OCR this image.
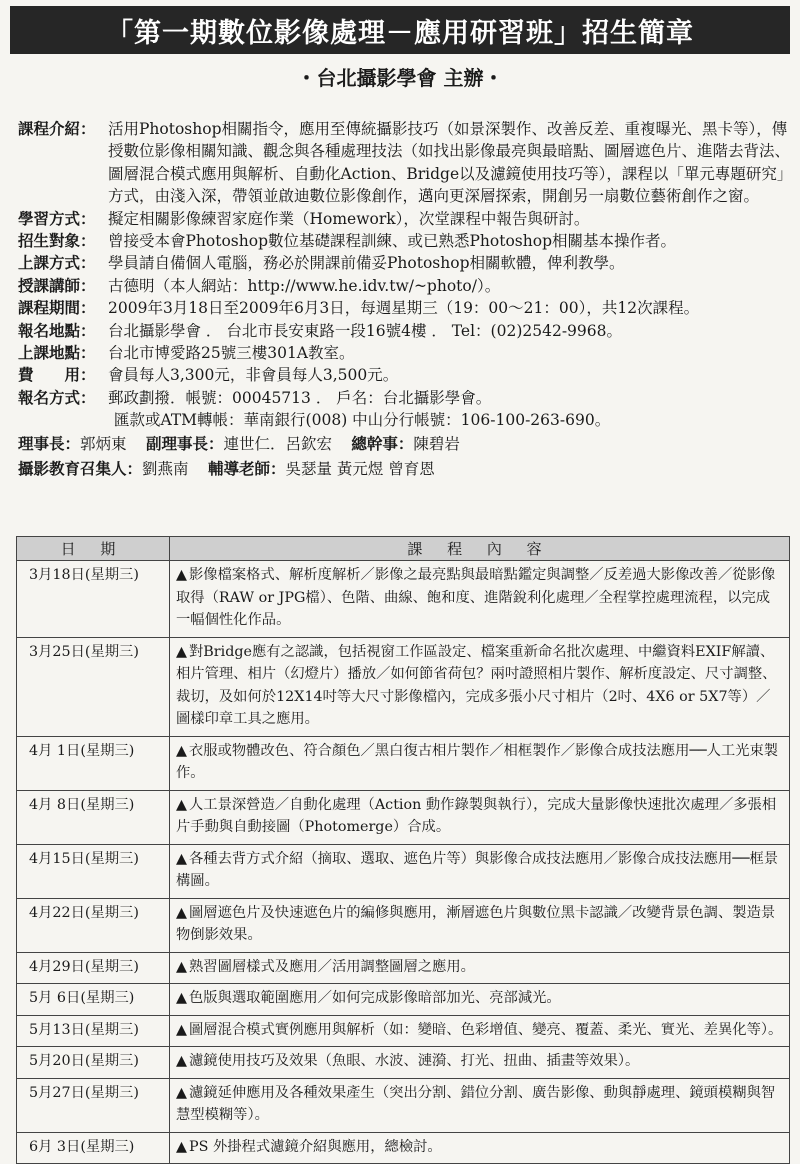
「第一期數位影像處理－應用研習班」招生簡章
・台北攝影學會 主辦・
課程介紹： 活用Photoshop相關指令，應用至傳統攝影技巧（如景深製作、改善反差、重複曝光、黑卡等），傳授數位影像相關知識、觀念與各種處理技法（如找出影像最亮與最暗點、圖層遮色片、進階去背法、圖層混合模式應用與解析、自動化Action、Bridge以及濾鏡使用技巧等），課程以「單元專題研究」方式，由淺入深，帶領並啟迪數位影像創作，邁向更深層探索，開創另一扇數位藝術創作之窗。
學習方式： 擬定相關影像練習家庭作業（Homework），次堂課程中報告與研討。
招生對象： 曾接受本會Photoshop數位基礎課程訓練、或已熟悉Photoshop相關基本操作者。
上課方式： 學員請自備個人電腦，務必於開課前備妥Photoshop相關軟體，俾利教學。
授課講師： 古德明（本人網站：http://www.he.idv.tw/~photo/）。
課程期間： 2009年3月18日至2009年6月3日，每週星期三（19：00～21：00），共12次課程。
報名地點： 台北攝影學會 ． 台北市長安東路一段16號4樓 ． Tel：(02)2542-9968。
上課地點： 台北市博愛路25號三樓301A教室。
費　　用： 會員每人3,300元，非會員每人3,500元。
報名方式： 郵政劃撥．帳號：00045713 ． 戶名：台北攝影學會。
匯款或ATM轉帳：華南銀行(008) 中山分行帳號：106-100-263-690。
理事長：郭炳東 副理事長：連世仁．呂欽宏 總幹事：陳碧岩
攝影教育召集人：劉燕南 輔導老師：吳瑟量 黃元煜 曾育恩
日 期	課 程 內 容
3月18日(星期三)	▲ 影像檔案格式、解析度解析／影像之最亮點與最暗點鑑定與調整／反差過大影像改善／從影像取得（RAW or JPG檔）、色階、曲線、飽和度、進階銳利化處理／全程掌控處理流程，以完成一幅個性化作品。
3月25日(星期三)	▲ 對Bridge應有之認識，包括視窗工作區設定、檔案重新命名批次處理、中繼資料EXIF解讀、相片管理、相片（幻燈片）播放／如何節省荷包？兩吋證照相片製作、解析度設定、尺寸調整、裁切，及如何於12X14吋等大尺寸影像檔內，完成多張小尺寸相片（2吋、4X6 or 5X7等）／圖樣印章工具之應用。
4月 1日(星期三)	▲ 衣服或物體改色、符合顏色／黑白復古相片製作／相框製作／影像合成技法應用──人工光束製作。
4月 8日(星期三)	▲ 人工景深營造／自動化處理（Action 動作錄製與執行），完成大量影像快速批次處理／多張相片手動與自動接圖（Photomerge）合成。
4月15日(星期三)	▲ 各種去背方式介紹（摘取、選取、遮色片等）與影像合成技法應用／影像合成技法應用──框景構圖。
4月22日(星期三)	▲ 圖層遮色片及快速遮色片的編修與應用，漸層遮色片與數位黑卡認識／改變背景色調、製造景物倒影效果。
4月29日(星期三)	▲ 熟習圖層樣式及應用／活用調整圖層之應用。
5月 6日(星期三)	▲ 色版與選取範圍應用／如何完成影像暗部加光、亮部減光。
5月13日(星期三)	▲ 圖層混合模式實例應用與解析（如：變暗、色彩增值、變亮、覆蓋、柔光、實光、差異化等）。
5月20日(星期三)	▲ 濾鏡使用技巧及效果（魚眼、水波、漣漪、打光、扭曲、插畫等效果）。
5月27日(星期三)	▲ 濾鏡延伸應用及各種效果產生（突出分割、錯位分割、廣告影像、動與靜處理、鏡頭模糊與智慧型模糊等）。
6月 3日(星期三)	▲ PS 外掛程式濾鏡介紹與應用，總檢討。
